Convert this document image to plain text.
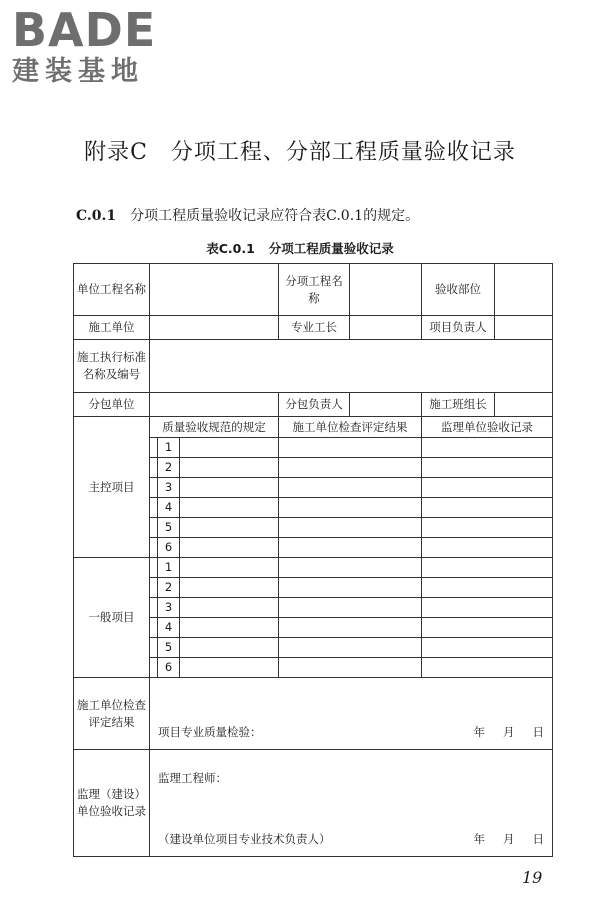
BADE
建装基地
附录C　分项工程、分部工程质量验收记录
C.0.1 分项工程质量验收记录应符合表C.0.1的规定。
表C.0.1 分项工程质量验收记录
单位工程名称				分项工程名称		验收部位	
施工单位				专业工长		项目负责人	
施工执行标准名称及编号							
分包单位				分包负责人		施工班组长	
主控项目	质量验收规范的规定			施工单位检查评定结果		监理单位验收记录	
		1					
		2					
		3					
		4					
		5					
		6					
一般项目		1					
		2					
		3					
		4					
		5					
		6					
施工单位检查评定结果	项目专业质量检验： 年 月 日						

监理（建设）单位验收记录	监理工程师：
（建设单位项目专业技术负责人） 年 月 日						
19
